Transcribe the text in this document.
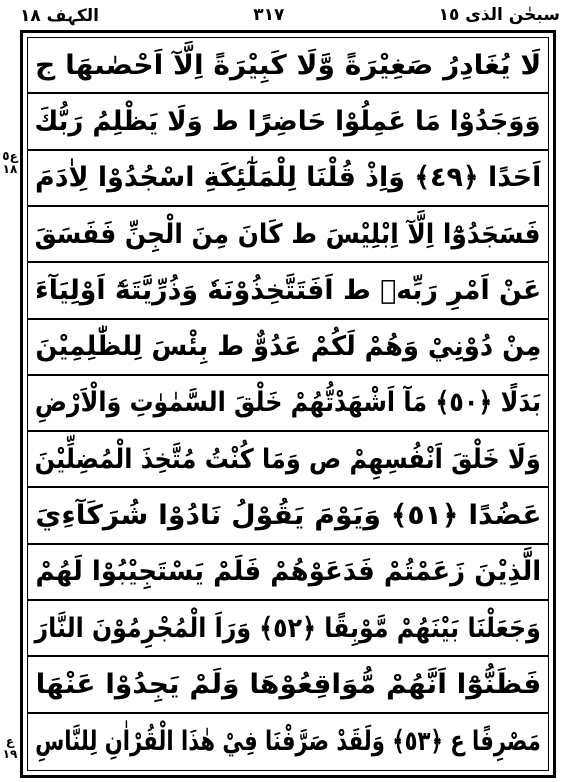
الکہف ١٨	٣١٧	سبحٰن الذی ١٥
ع٥ ١٨
ع ١٩
لَا يُغَادِرُ صَغِيْرَةً وَّلَا كَبِيْرَةً اِلَّآ اَحْصٰىهَا ج
وَوَجَدُوْا مَا عَمِلُوْا حَاضِرًا ط وَلَا يَظْلِمُ رَبُّكَ
اَحَدًا ﴿٤٩﴾ وَاِذْ قُلْنَا لِلْمَلٰٓئِكَةِ اسْجُدُوْا لِاٰدَمَ
فَسَجَدُوْٓا اِلَّآ اِبْلِيْسَ ط كَانَ مِنَ الْجِنِّ فَفَسَقَ
عَنْ اَمْرِ رَبِّهٖ ط اَفَتَتَّخِذُوْنَهٗ وَذُرِّيَّتَهٗٓ اَوْلِيَآءَ
مِنْ دُوْنِيْ وَهُمْ لَكُمْ عَدُوٌّ ط بِئْسَ لِلظّٰلِمِيْنَ
بَدَلًا ﴿٥٠﴾ مَآ اَشْهَدْتُّهُمْ خَلْقَ السَّمٰوٰتِ وَالْاَرْضِ
وَلَا خَلْقَ اَنْفُسِهِمْ ص وَمَا كُنْتُ مُتَّخِذَ الْمُضِلِّيْنَ
عَضُدًا ﴿٥١﴾ وَيَوْمَ يَقُوْلُ نَادُوْا شُرَكَآءِيَ
الَّذِيْنَ زَعَمْتُمْ فَدَعَوْهُمْ فَلَمْ يَسْتَجِيْبُوْا لَهُمْ
وَجَعَلْنَا بَيْنَهُمْ مَّوْبِقًا ﴿٥٢﴾ وَرَاَ الْمُجْرِمُوْنَ النَّارَ
فَظَنُّوْٓا اَنَّهُمْ مُّوَاقِعُوْهَا وَلَمْ يَجِدُوْا عَنْهَا
مَصْرِفًا ع ﴿٥٣﴾ وَلَقَدْ صَرَّفْنَا فِيْ هٰذَا الْقُرْاٰنِ لِلنَّاسِ
